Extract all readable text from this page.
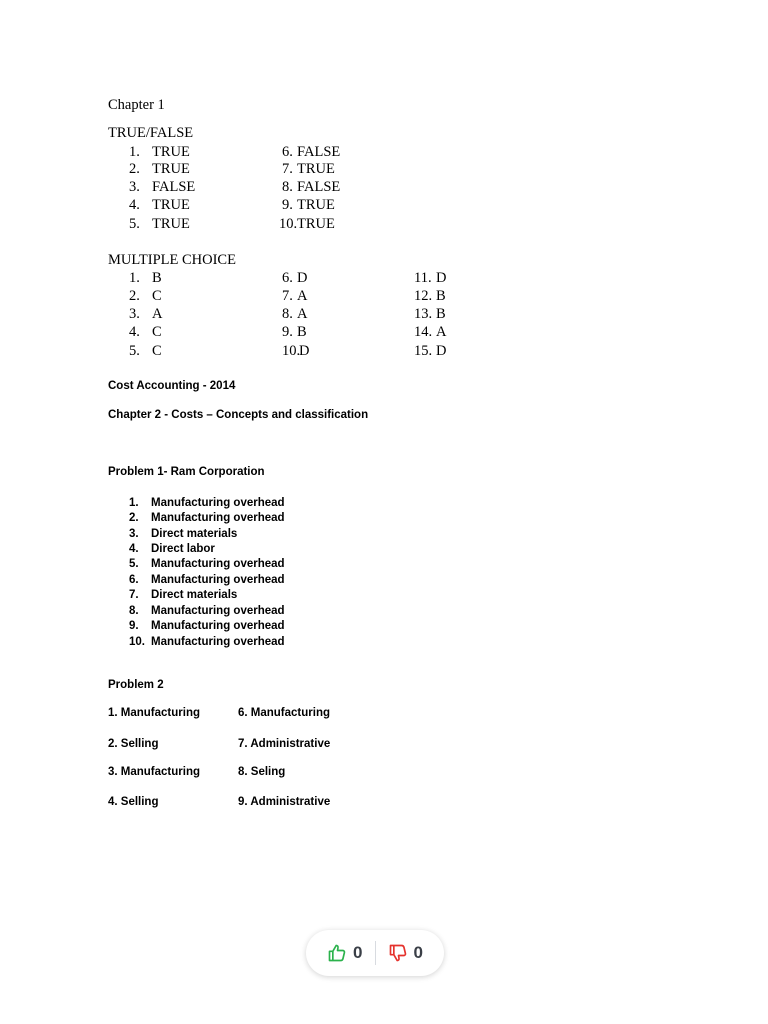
Chapter 1
TRUE/FALSE
1. TRUE
2. TRUE
3. FALSE
4. TRUE
5. TRUE
6. FALSE
7. TRUE
8. FALSE
9. TRUE
10. TRUE
MULTIPLE CHOICE
1. B
2. C
3. A
4. C
5. C
6. D
7. A
8. A
9. B
10.
D
11. D
12. B
13. B
14. A
15. D
Cost Accounting - 2014
Chapter 2 - Costs – Concepts and classification
Problem 1- Ram Corporation
1. Manufacturing overhead
2. Manufacturing overhead
3. Direct materials
4. Direct labor
5. Manufacturing overhead
6. Manufacturing overhead
7. Direct materials
8. Manufacturing overhead
9. Manufacturing overhead
10. Manufacturing overhead
Problem 2
1. Manufacturing
2. Selling
3. Manufacturing
4. Selling
6. Manufacturing
7. Administrative
8. Seling
9. Administrative
0	0
